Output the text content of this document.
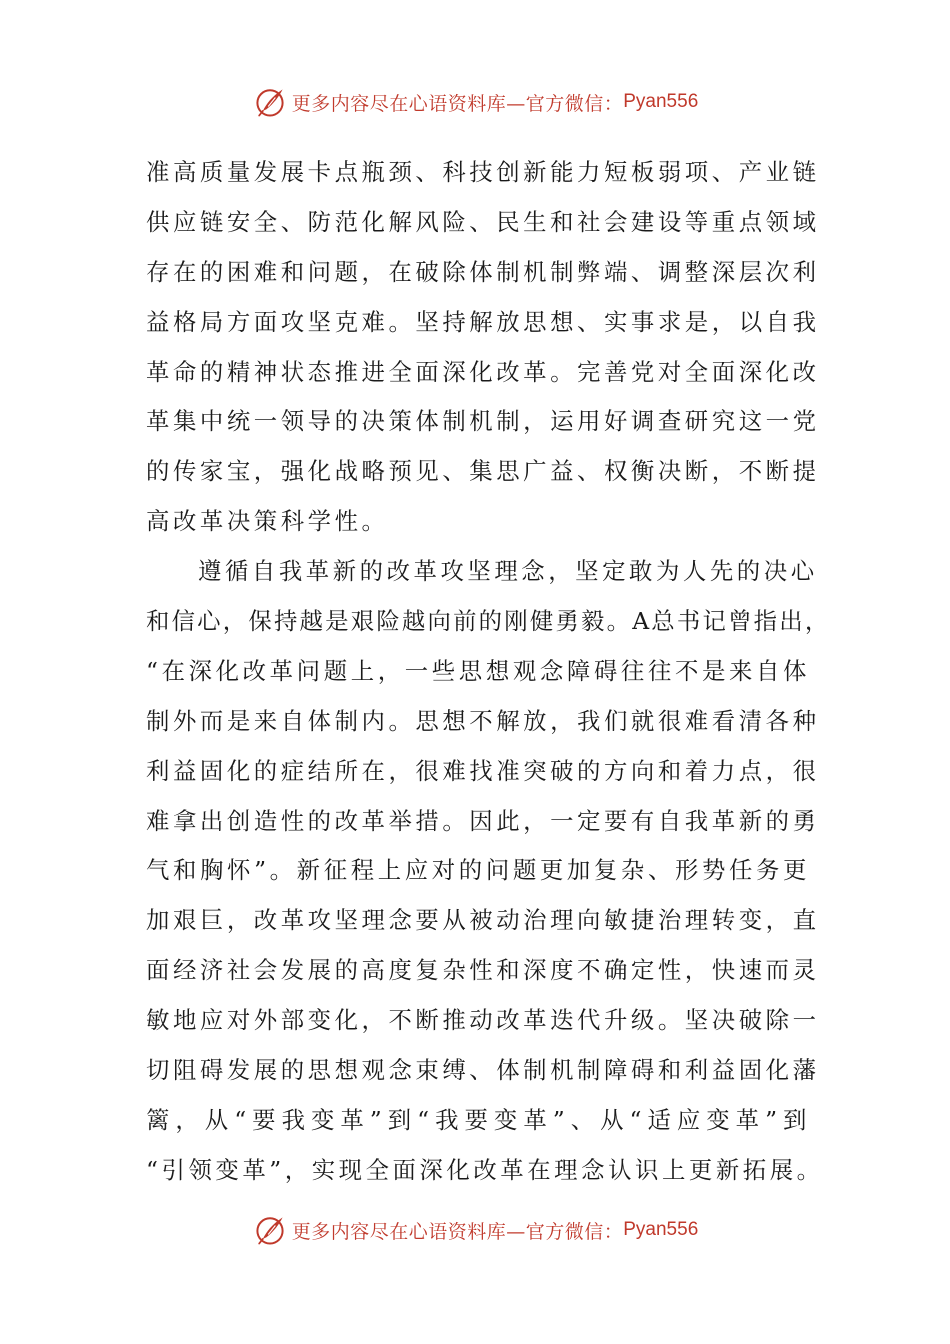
更多内容尽在心语资料库—官方微信： Pyan556
准高质量发展卡点瓶颈、科技创新能力短板弱项、产业链
供应链安全、防范化解风险、民生和社会建设等重点领域
存在的困难和问题，在破除体制机制弊端、调整深层次利
益格局方面攻坚克难。坚持解放思想、实事求是，以自我
革命的精神状态推进全面深化改革。完善党对全面深化改
革集中统一领导的决策体制机制，运用好调查研究这一党
的传家宝，强化战略预见、集思广益、权衡决断，不断提
高改革决策科学性。
遵循自我革新的改革攻坚理念，坚定敢为人先的决心
和信心，保持越是艰险越向前的刚健勇毅。A总书记曾指出，
“在深化改革问题上，一些思想观念障碍往往不是来自体
制外而是来自体制内。思想不解放，我们就很难看清各种
利益固化的症结所在，很难找准突破的方向和着力点，很
难拿出创造性的改革举措。因此，一定要有自我革新的勇
气和胸怀”。新征程上应对的问题更加复杂、形势任务更
加艰巨，改革攻坚理念要从被动治理向敏捷治理转变，直
面经济社会发展的高度复杂性和深度不确定性，快速而灵
敏地应对外部变化，不断推动改革迭代升级。坚决破除一
切阻碍发展的思想观念束缚、体制机制障碍和利益固化藩
篱，从“要我变革”到“我要变革”、从“适应变革”到
“引领变革”，实现全面深化改革在理念认识上更新拓展。
更多内容尽在心语资料库—官方微信： Pyan556
